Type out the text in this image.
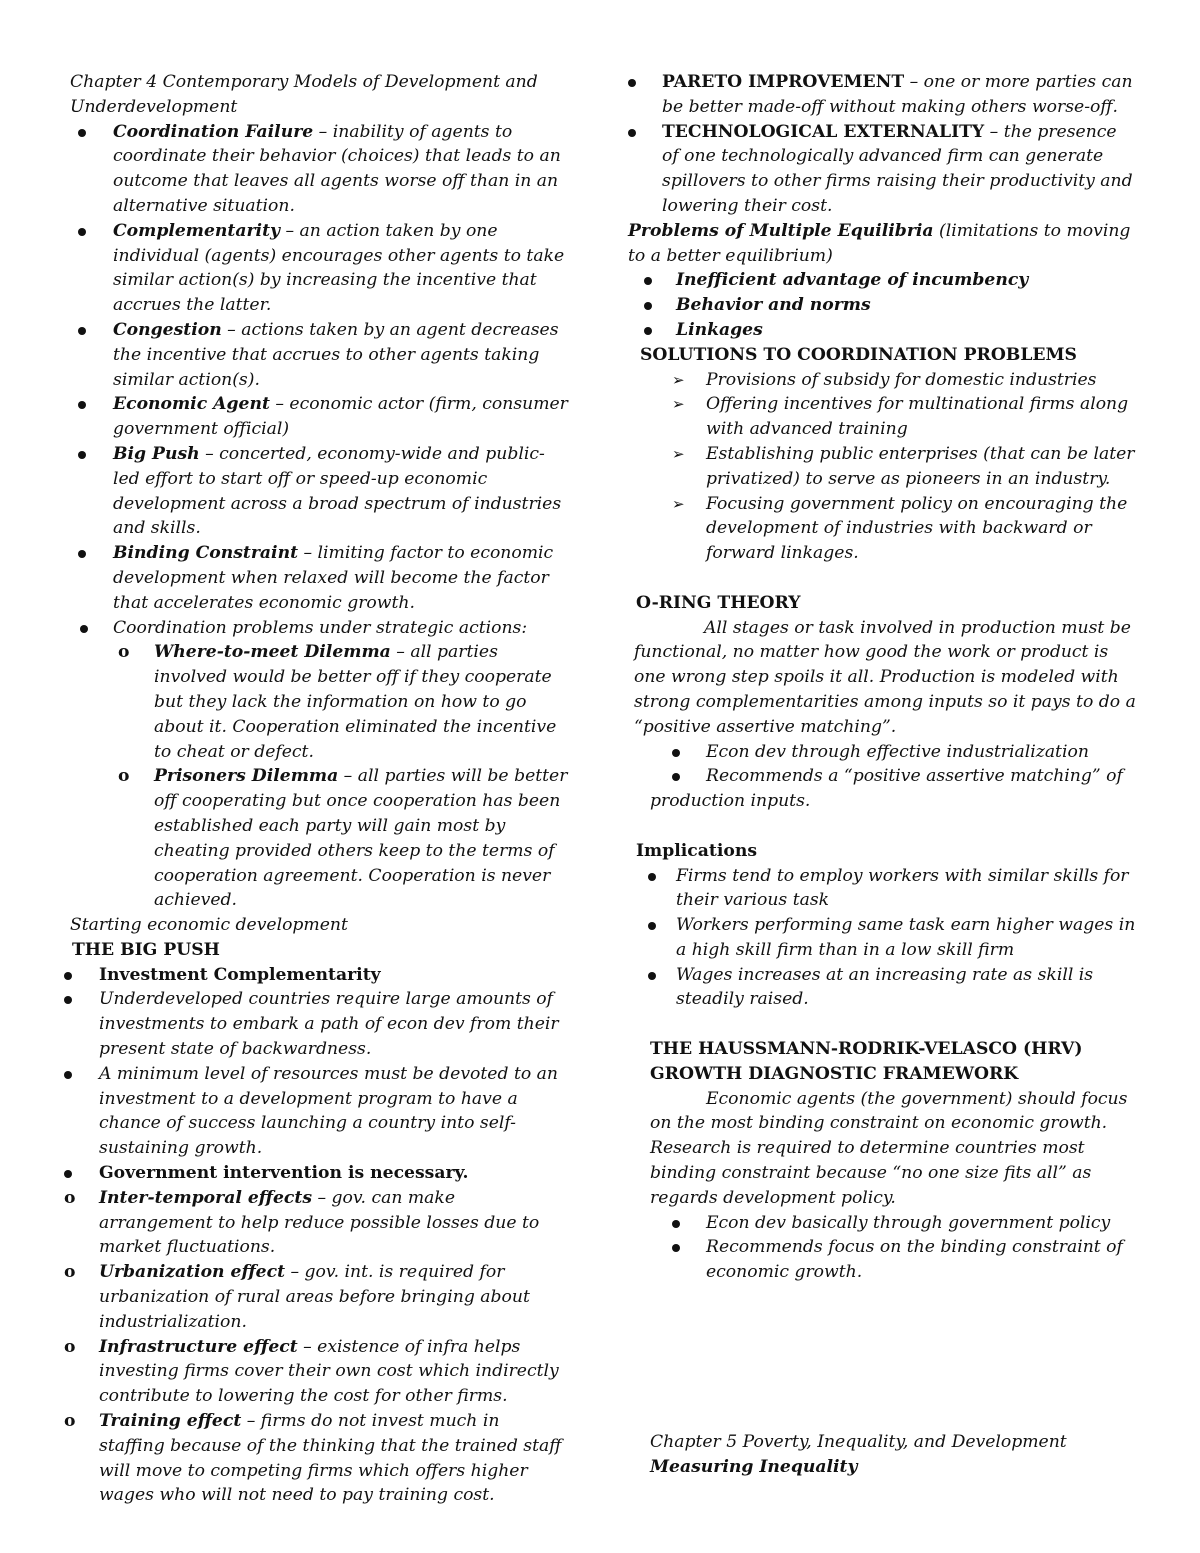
Chapter 4 Contemporary Models of Development and Underdevelopment

Coordination Failure – inability of agents to coordinate their behavior (choices) that leads to an outcome that leaves all agents worse off than in an alternative situation.
Complementarity – an action taken by one individual (agents) encourages other agents to take similar action(s) by increasing the incentive that accrues the latter.
Congestion – actions taken by an agent decreases the incentive that accrues to other agents taking similar action(s).
Economic Agent – economic actor (firm, consumer government official)
Big Push – concerted, economy-wide and public-led effort to start off or speed-up economic development across a broad spectrum of industries and skills.
Binding Constraint – limiting factor to economic development when relaxed will become the factor that accelerates economic growth.
Coordination problems under strategic actions:
o Where-to-meet Dilemma – all parties involved would be better off if they cooperate but they lack the information on how to go about it. Cooperation eliminated the incentive to cheat or defect.
o Prisoners Dilemma – all parties will be better off cooperating but once cooperation has been established each party will gain most by cheating provided others keep to the terms of cooperation agreement. Cooperation is never achieved.

Starting economic development

THE BIG PUSH

Investment Complementarity
Underdeveloped countries require large amounts of investments to embark a path of econ dev from their present state of backwardness.
A minimum level of resources must be devoted to an investment to a development program to have a chance of success launching a country into self-sustaining growth.
Government intervention is necessary.
o Inter-temporal effects – gov. can make arrangement to help reduce possible losses due to market fluctuations.
o Urbanization effect – gov. int. is required for urbanization of rural areas before bringing about industrialization.
o Infrastructure effect – existence of infra helps investing firms cover their own cost which indirectly contribute to lowering the cost for other firms.
o Training effect – firms do not invest much in staffing because of the thinking that the trained staff will move to competing firms which offers higher wages who will not need to pay training cost.
PARETO IMPROVEMENT – one or more parties can be better made-off without making others worse-off.
TECHNOLOGICAL EXTERNALITY – the presence of one technologically advanced firm can generate spillovers to other firms raising their productivity and lowering their cost.

Problems of Multiple Equilibria (limitations to moving to a better equilibrium)

Inefficient advantage of incumbency
Behavior and norms
Linkages

SOLUTIONS TO COORDINATION PROBLEMS

➢ Provisions of subsidy for domestic industries
➢ Offering incentives for multinational firms along with advanced training
➢ Establishing public enterprises (that can be later privatized) to serve as pioneers in an industry.
➢ Focusing government policy on encouraging the development of industries with backward or forward linkages.

O-RING THEORY

All stages or task involved in production must be functional, no matter how good the work or product is one wrong step spoils it all. Production is modeled with strong complementarities among inputs so it pays to do a “positive assertive matching”.

Econ dev through effective industrialization
Recommends a “positive assertive matching” of production inputs.

Implications

Firms tend to employ workers with similar skills for their various task
Workers performing same task earn higher wages in a high skill firm than in a low skill firm
Wages increases at an increasing rate as skill is steadily raised.

THE HAUSSMANN-RODRIK-VELASCO (HRV) GROWTH DIAGNOSTIC FRAMEWORK

Economic agents (the government) should focus on the most binding constraint on economic growth. Research is required to determine countries most binding constraint because “no one size fits all” as regards development policy.

Econ dev basically through government policy
Recommends focus on the binding constraint of economic growth.

Chapter 5 Poverty, Inequality, and Development

Measuring Inequality
